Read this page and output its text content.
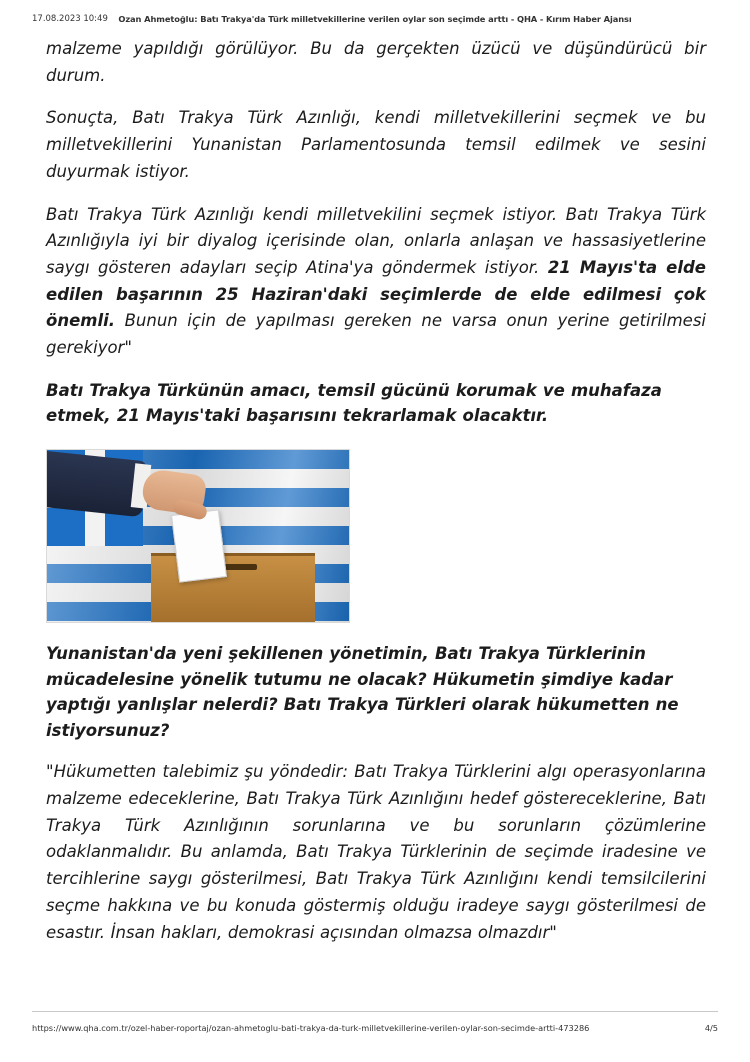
17.08.2023 10:49	Ozan Ahmetoğlu: Batı Trakya'da Türk milletvekillerine verilen oylar son seçimde arttı - QHA - Kırım Haber Ajansı

malzeme yapıldığı görülüyor. Bu da gerçekten üzücü ve düşündürücü bir durum.

Sonuçta, Batı Trakya Türk Azınlığı, kendi milletvekillerini seçmek ve bu milletvekillerini Yunanistan Parlamentosunda temsil edilmek ve sesini duyurmak istiyor.

Batı Trakya Türk Azınlığı kendi milletvekilini seçmek istiyor. Batı Trakya Türk Azınlığıyla iyi bir diyalog içerisinde olan, onlarla anlaşan ve hassasiyetlerine saygı gösteren adayları seçip Atina'ya göndermek istiyor. 21 Mayıs'ta elde edilen başarının 25 Haziran'daki seçimlerde de elde edilmesi çok önemli. Bunun için de yapılması gereken ne varsa onun yerine getirilmesi gerekiyor"

Batı Trakya Türkünün amacı, temsil gücünü korumak ve muhafaza etmek, 21 Mayıs'taki başarısını tekrarlamak olacaktır.

Yunanistan'da yeni şekillenen yönetimin, Batı Trakya Türklerinin mücadelesine yönelik tutumu ne olacak? Hükumetin şimdiye kadar yaptığı yanlışlar nelerdi? Batı Trakya Türkleri olarak hükumetten ne istiyorsunuz?

"Hükumetten talebimiz şu yöndedir: Batı Trakya Türklerini algı operasyonlarına malzeme edeceklerine, Batı Trakya Türk Azınlığını hedef göstereceklerine, Batı Trakya Türk Azınlığının sorunlarına ve bu sorunların çözümlerine odaklanmalıdır. Bu anlamda, Batı Trakya Türklerinin de seçimde iradesine ve tercihlerine saygı gösterilmesi, Batı Trakya Türk Azınlığını kendi temsilcilerini seçme hakkına ve bu konuda göstermiş olduğu iradeye saygı gösterilmesi de esastır. İnsan hakları, demokrasi açısından olmazsa olmazdır"

https://www.qha.com.tr/ozel-haber-roportaj/ozan-ahmetoglu-bati-trakya-da-turk-milletvekillerine-verilen-oylar-son-secimde-artti-473286	4/5
